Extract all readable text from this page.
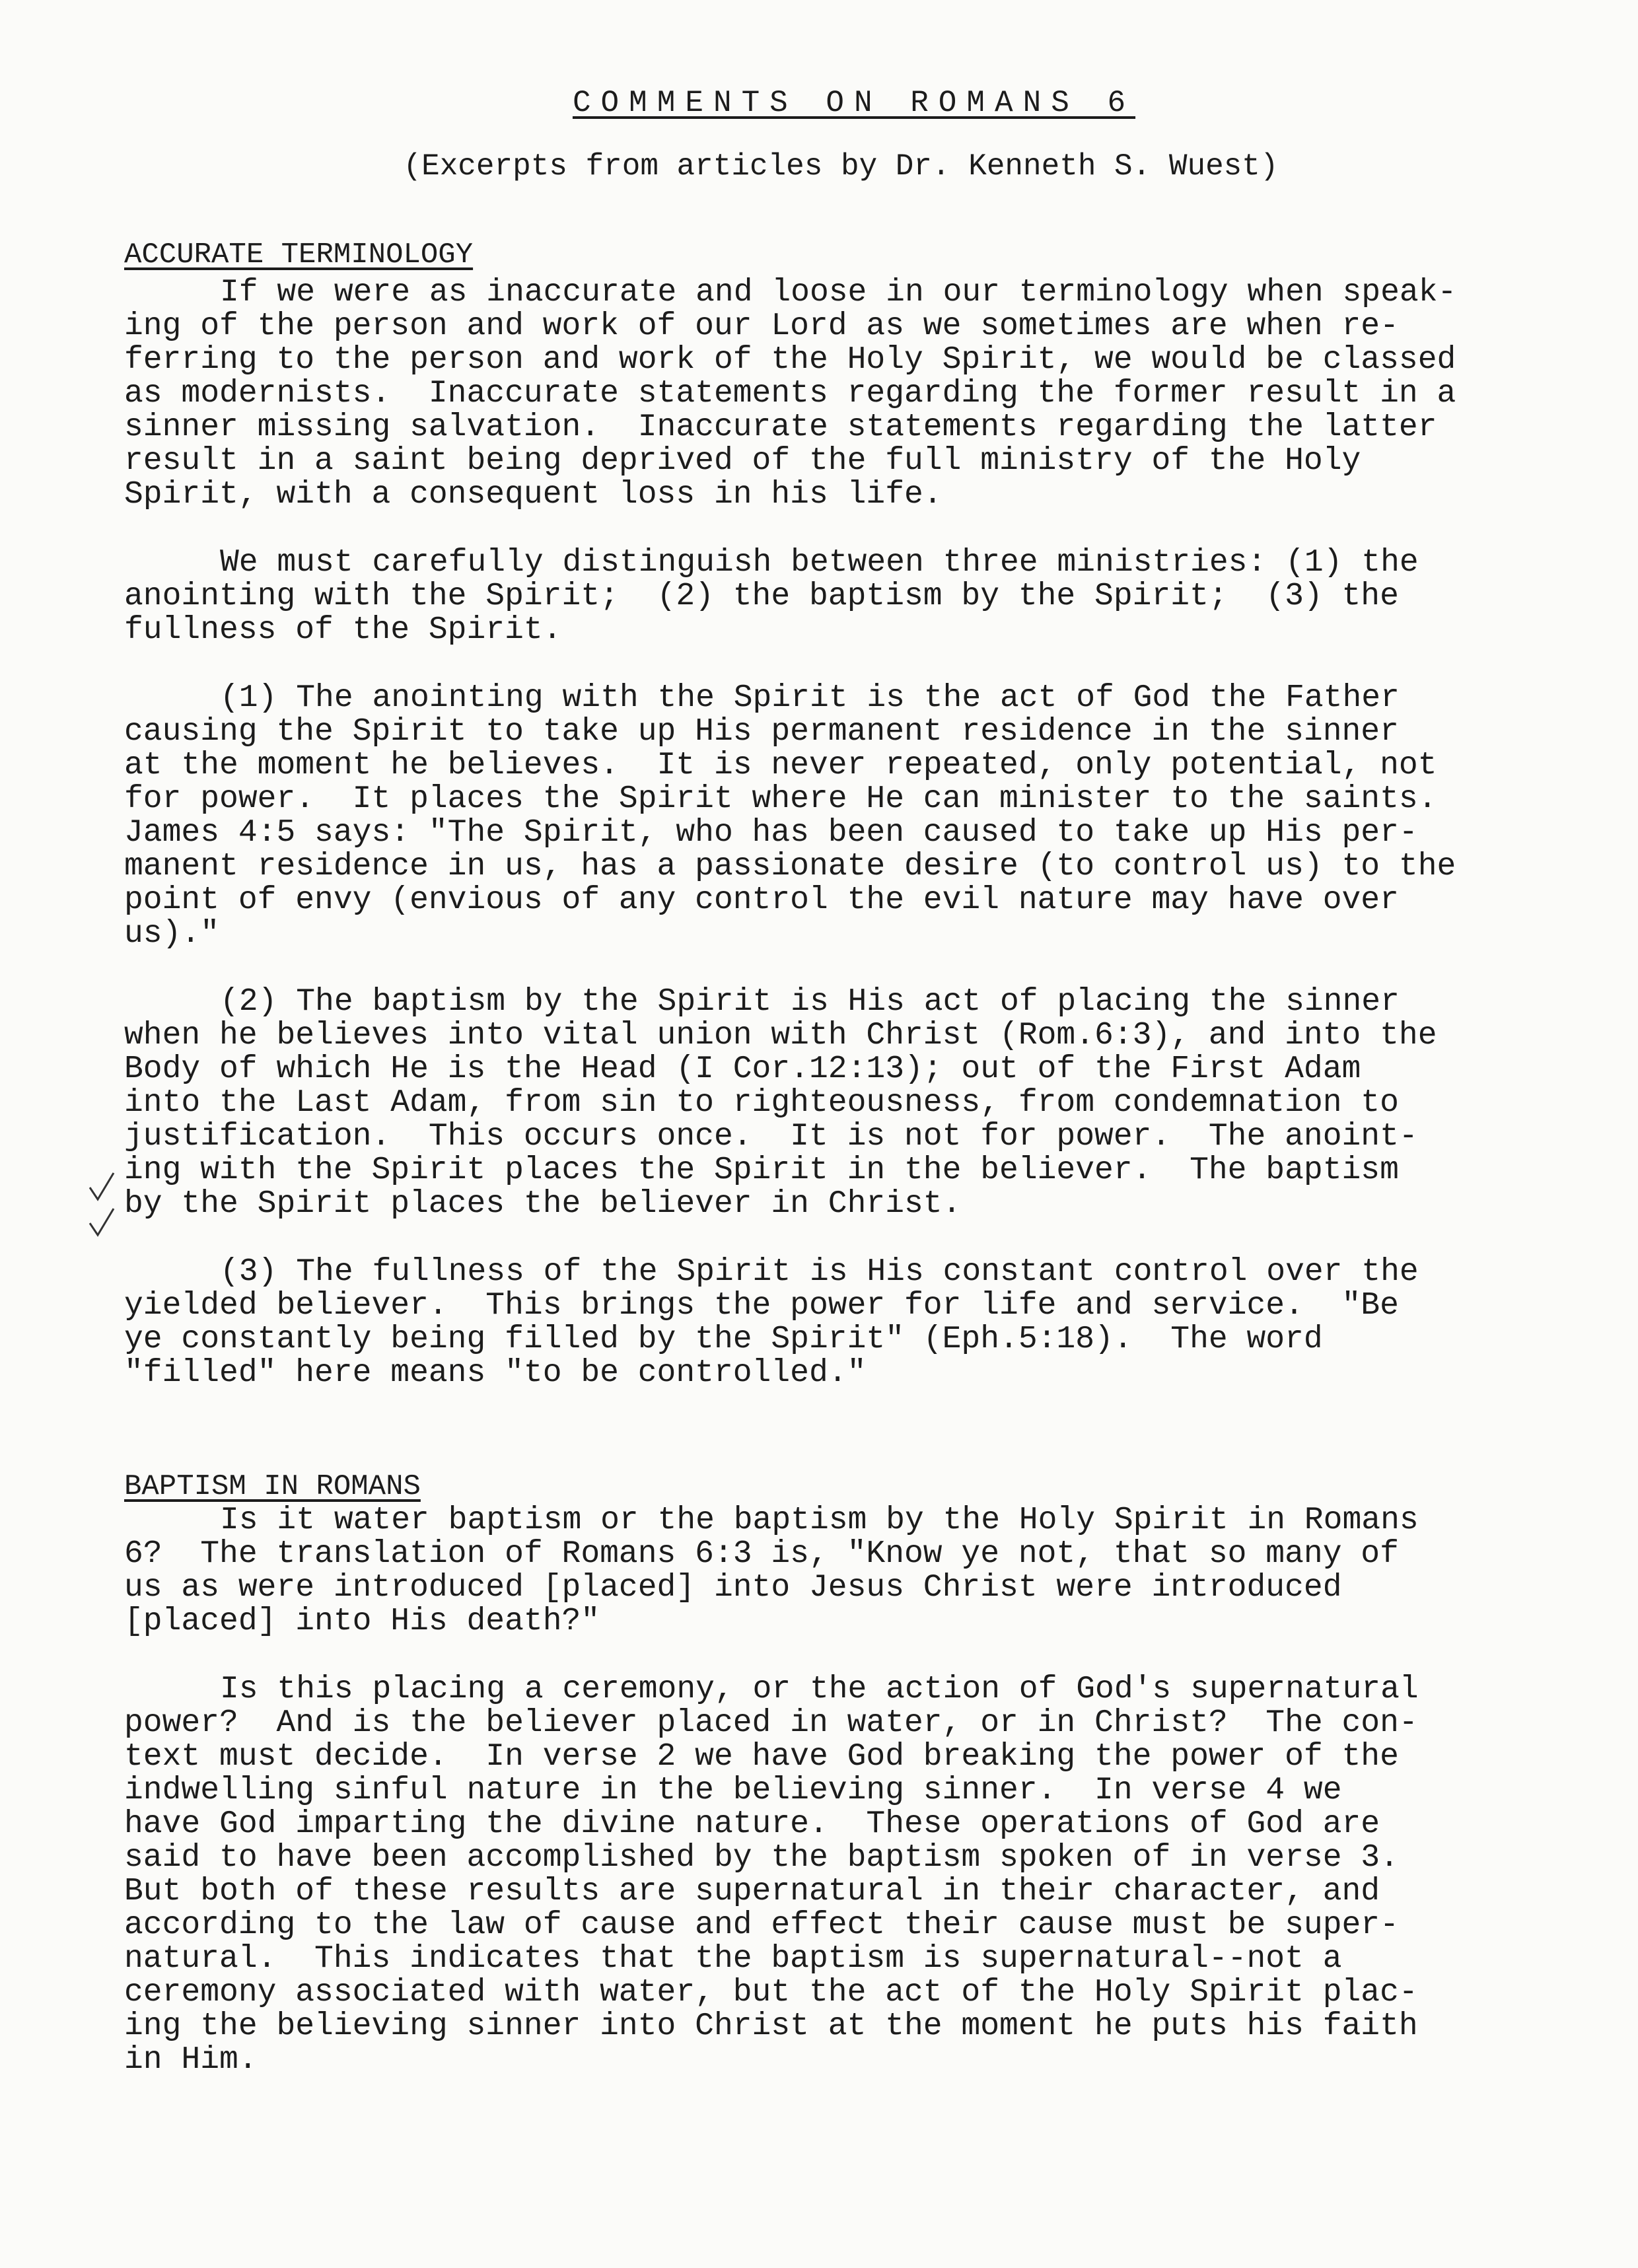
COMMENTS ON ROMANS 6
(Excerpts from articles by Dr. Kenneth S. Wuest)
ACCURATE TERMINOLOGY
If we were as inaccurate and loose in our terminology when speak-
ing of the person and work of our Lord as we sometimes are when re-
ferring to the person and work of the Holy Spirit, we would be classed
as modernists.  Inaccurate statements regarding the former result in a
sinner missing salvation.  Inaccurate statements regarding the latter
result in a saint being deprived of the full ministry of the Holy
Spirit, with a consequent loss in his life.
We must carefully distinguish between three ministries: (1) the
anointing with the Spirit;  (2) the baptism by the Spirit;  (3) the
fullness of the Spirit.
(1) The anointing with the Spirit is the act of God the Father
causing the Spirit to take up His permanent residence in the sinner
at the moment he believes.  It is never repeated, only potential, not
for power.  It places the Spirit where He can minister to the saints.
James 4:5 says: "The Spirit, who has been caused to take up His per-
manent residence in us, has a passionate desire (to control us) to the
point of envy (envious of any control the evil nature may have over
us)."
(2) The baptism by the Spirit is His act of placing the sinner
when he believes into vital union with Christ (Rom.6:3), and into the
Body of which He is the Head (I Cor.12:13); out of the First Adam
into the Last Adam, from sin to righteousness, from condemnation to
justification.  This occurs once.  It is not for power.  The anoint-
ing with the Spirit places the Spirit in the believer.  The baptism
by the Spirit places the believer in Christ.
(3) The fullness of the Spirit is His constant control over the
yielded believer.  This brings the power for life and service.  "Be
ye constantly being filled by the Spirit" (Eph.5:18).  The word
"filled" here means "to be controlled."
BAPTISM IN ROMANS
Is it water baptism or the baptism by the Holy Spirit in Romans
6?  The translation of Romans 6:3 is, "Know ye not, that so many of
us as were introduced [placed] into Jesus Christ were introduced
[placed] into His death?"
Is this placing a ceremony, or the action of God's supernatural
power?  And is the believer placed in water, or in Christ?  The con-
text must decide.  In verse 2 we have God breaking the power of the
indwelling sinful nature in the believing sinner.  In verse 4 we
have God imparting the divine nature.  These operations of God are
said to have been accomplished by the baptism spoken of in verse 3.
But both of these results are supernatural in their character, and
according to the law of cause and effect their cause must be super-
natural.  This indicates that the baptism is supernatural--not a
ceremony associated with water, but the act of the Holy Spirit plac-
ing the believing sinner into Christ at the moment he puts his faith
in Him.
